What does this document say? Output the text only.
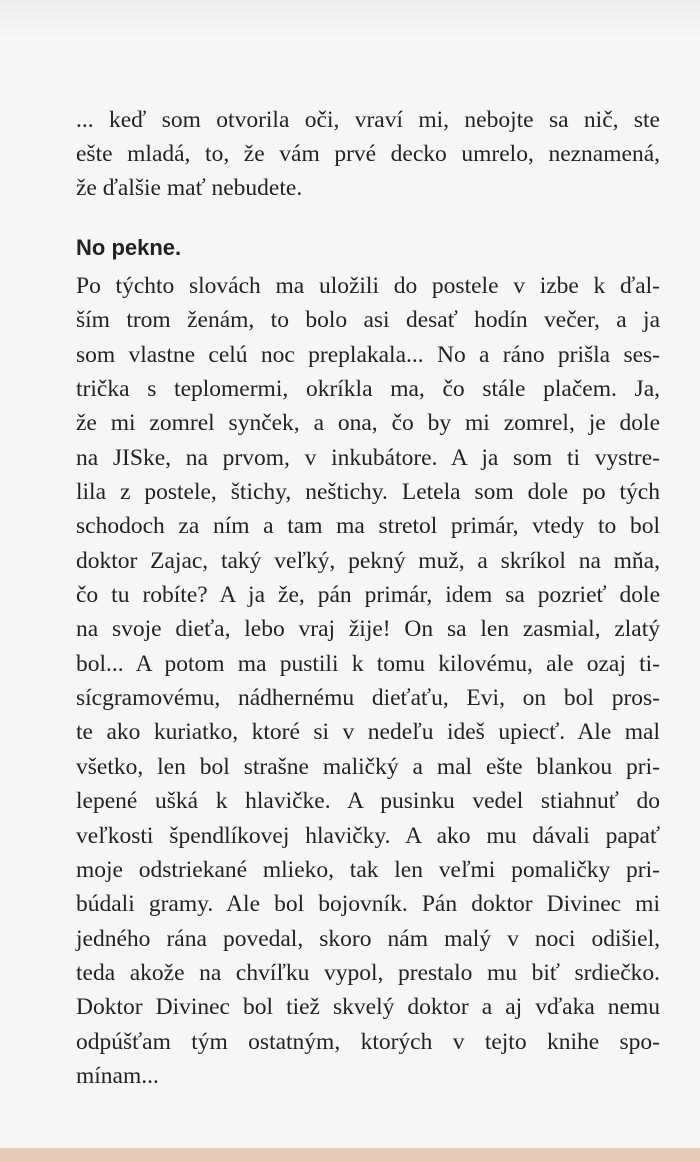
... keď som otvorila oči, vraví mi, nebojte sa nič, ste
ešte mladá, to, že vám prvé decko umrelo, neznamená,
že ďalšie mať nebudete.

No pekne.

Po týchto slovách ma uložili do postele v izbe k ďal-
ším trom ženám, to bolo asi desať hodín večer, a ja
som vlastne celú noc preplakala... No a ráno prišla ses-
trička s teplomermi, okríkla ma, čo stále plačem. Ja,
že mi zomrel synček, a ona, čo by mi zomrel, je dole
na JISke, na prvom, v inkubátore. A ja som ti vystre-
lila z postele, štichy, neštichy. Letela som dole po tých
schodoch za ním a tam ma stretol primár, vtedy to bol
doktor Zajac, taký veľký, pekný muž, a skríkol na mňa,
čo tu robíte? A ja že, pán primár, idem sa pozrieť dole
na svoje dieťa, lebo vraj žije! On sa len zasmial, zlatý
bol... A potom ma pustili k tomu kilovému, ale ozaj ti-
sícgramovému, nádhernému dieťaťu, Evi, on bol pros-
te ako kuriatko, ktoré si v nedeľu ideš upiecť. Ale mal
všetko, len bol strašne maličký a mal ešte blankou pri-
lepené ušká k hlavičke. A pusinku vedel stiahnuť do
veľkosti špendlíkovej hlavičky. A ako mu dávali papať
moje odstriekané mlieko, tak len veľmi pomaličky pri-
búdali gramy. Ale bol bojovník. Pán doktor Divinec mi
jedného rána povedal, skoro nám malý v noci odišiel,
teda akože na chvíľku vypol, prestalo mu biť srdiečko.
Doktor Divinec bol tiež skvelý doktor a aj vďaka nemu
odpúšťam tým ostatným, ktorých v tejto knihe spo-
mínam...
